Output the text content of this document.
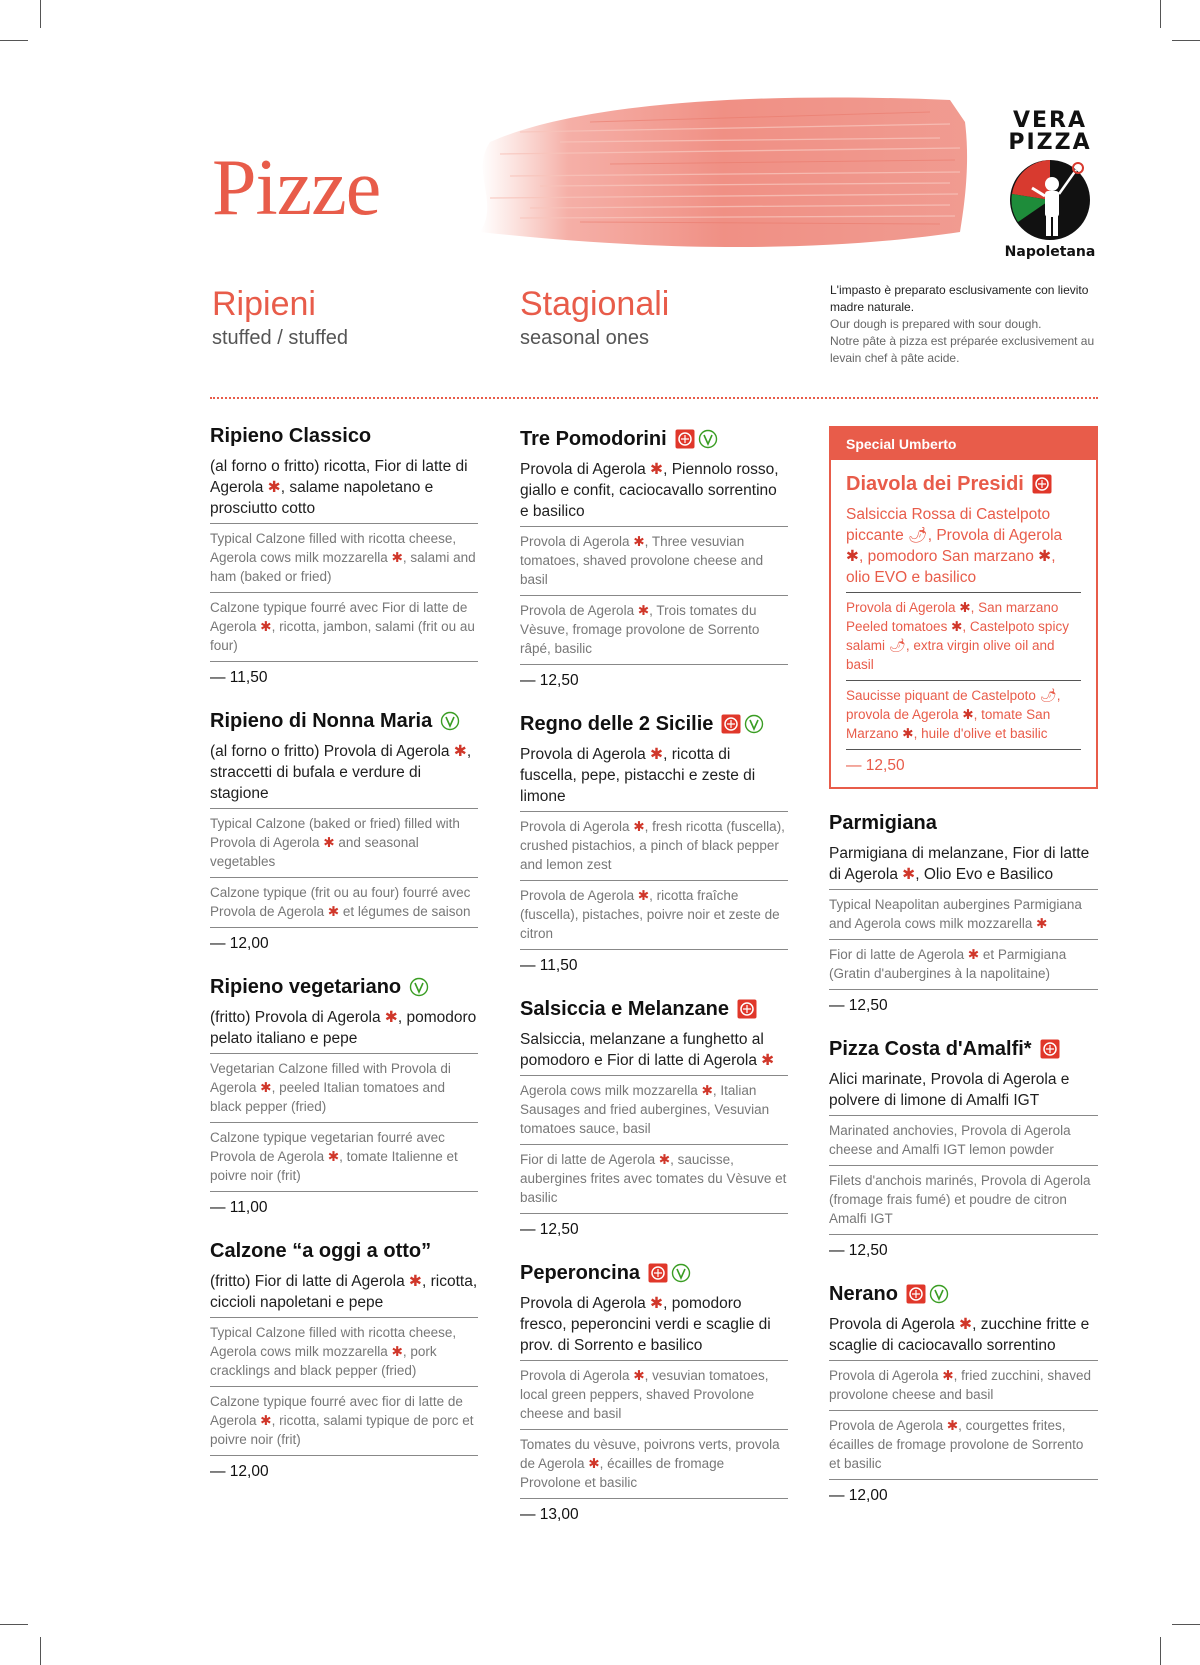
Pizze
VERA
PIZZA
Napoletana
Ripieni
stuffed / stuffed
Stagionali
seasonal ones
L'impasto è preparato esclusivamente con lievito madre naturale.
Our dough is prepared with sour dough.
Notre pâte à pizza est préparée exclusivement au levain chef à pâte acide.
Ripieno Classico
(al forno o fritto) ricotta, Fior di latte di Agerola ✱, salame napoletano e prosciutto cotto
Typical Calzone filled with ricotta cheese, Agerola cows milk mozzarella ✱, salami and ham (baked or fried)
Calzone typique fourré avec Fior di latte de Agerola ✱, ricotta, jambon, salami (frit ou au four)
— 11,50
Ripieno di Nonna Maria
(al forno o fritto) Provola di Agerola ✱, straccetti di bufala e verdure di stagione
Typical Calzone (baked or fried) filled with Provola di Agerola ✱ and seasonal vegetables
Calzone typique (frit ou au four) fourré avec Provola de Agerola ✱ et légumes de saison
— 12,00
Ripieno vegetariano
(fritto) Provola di Agerola ✱, pomodoro pelato italiano e pepe
Vegetarian Calzone filled with Provola di Agerola ✱, peeled Italian tomatoes and black pepper (fried)
Calzone typique vegetarian fourré avec Provola de Agerola ✱, tomate Italienne et poivre noir (frit)
— 11,00
Calzone “a oggi a otto”
(fritto) Fior di latte di Agerola ✱, ricotta, ciccioli napoletani e pepe
Typical Calzone filled with ricotta cheese, Agerola cows milk mozzarella ✱, pork cracklings and black pepper (fried)
Calzone typique fourré avec fior di latte de Agerola ✱, ricotta, salami typique de porc et poivre noir (frit)
— 12,00
Tre Pomodorini
Provola di Agerola ✱, Piennolo rosso, giallo e confit, caciocavallo sorrentino e basilico
Provola di Agerola ✱, Three vesuvian tomatoes, shaved provolone cheese and basil
Provola de Agerola ✱, Trois tomates du Vèsuve, fromage provolone de Sorrento râpé, basilic
— 12,50
Regno delle 2 Sicilie
Provola di Agerola ✱, ricotta di fuscella, pepe, pistacchi e zeste di limone
Provola di Agerola ✱, fresh ricotta (fuscella), crushed pistachios, a pinch of black pepper and lemon zest
Provola de Agerola ✱, ricotta fraîche (fuscella), pistaches, poivre noir et zeste de citron
— 11,50
Salsiccia e Melanzane
Salsiccia, melanzane a funghetto al pomodoro e Fior di latte di Agerola ✱
Agerola cows milk mozzarella ✱, Italian Sausages and fried aubergines, Vesuvian tomatoes sauce, basil
Fior di latte de Agerola ✱, saucisse, aubergines frites avec tomates du Vèsuve et basilic
— 12,50
Peperoncina
Provola di Agerola ✱, pomodoro fresco, peperoncini verdi e scaglie di prov. di Sorrento e basilico
Provola di Agerola ✱, vesuvian tomatoes, local green peppers, shaved Provolone cheese and basil
Tomates du vèsuve, poivrons verts, provola de Agerola ✱, écailles de fromage Provolone et basilic
— 13,00
Special Umberto
Diavola dei Presidi
Salsiccia Rossa di Castelpoto piccante 🌶, Provola di Agerola ✱, pomodoro San marzano ✱, olio EVO e basilico
Provola di Agerola ✱, San marzano Peeled tomatoes ✱, Castelpoto spicy salami 🌶, extra virgin olive oil and basil
Saucisse piquant de Castelpoto 🌶, provola de Agerola ✱, tomate San Marzano ✱, huile d'olive et basilic
— 12,50
Parmigiana
Parmigiana di melanzane, Fior di latte di Agerola ✱, Olio Evo e Basilico
Typical Neapolitan aubergines Parmigiana and Agerola cows milk mozzarella ✱
Fior di latte de Agerola ✱ et Parmigiana (Gratin d'aubergines à la napolitaine)
— 12,50
Pizza Costa d'Amalfi*
Alici marinate, Provola di Agerola e polvere di limone di Amalfi IGT
Marinated anchovies, Provola di Agerola cheese and Amalfi IGT lemon powder
Filets d'anchois marinés, Provola di Agerola (fromage frais fumé) et poudre de citron Amalfi IGT
— 12,50
Nerano
Provola di Agerola ✱, zucchine fritte e scaglie di caciocavallo sorrentino
Provola di Agerola ✱, fried zucchini, shaved provolone cheese and basil
Provola de Agerola ✱, courgettes frites, écailles de fromage provolone de Sorrento et basilic
— 12,00
